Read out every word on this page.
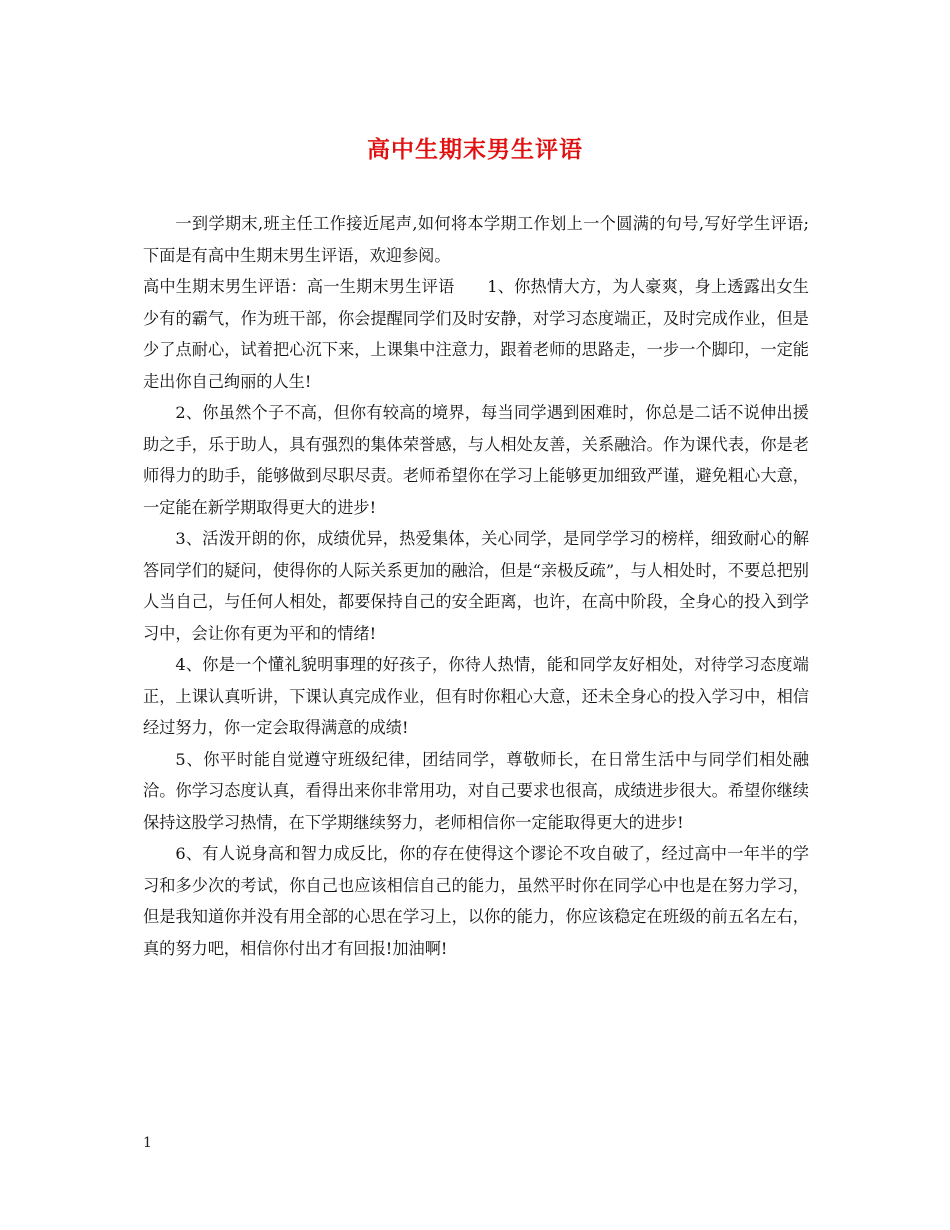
高中生期末男生评语

一到学期末,班主任工作接近尾声,如何将本学期工作划上一个圆满的句号,写好学生评语;下面是有高中生期末男生评语，欢迎参阅。

高中生期末男生评语：高一生期末男生评语　　1、你热情大方，为人豪爽，身上透露出女生少有的霸气，作为班干部，你会提醒同学们及时安静，对学习态度端正，及时完成作业，但是少了点耐心，试着把心沉下来，上课集中注意力，跟着老师的思路走，一步一个脚印，一定能走出你自己绚丽的人生!

2、你虽然个子不高，但你有较高的境界，每当同学遇到困难时，你总是二话不说伸出援助之手，乐于助人，具有强烈的集体荣誉感，与人相处友善，关系融洽。作为课代表，你是老师得力的助手，能够做到尽职尽责。老师希望你在学习上能够更加细致严谨，避免粗心大意，一定能在新学期取得更大的进步!

3、活泼开朗的你，成绩优异，热爱集体，关心同学，是同学学习的榜样，细致耐心的解答同学们的疑问，使得你的人际关系更加的融洽，但是“亲极反疏”，与人相处时，不要总把别人当自己，与任何人相处，都要保持自己的安全距离，也许，在高中阶段，全身心的投入到学习中，会让你有更为平和的情绪!

4、你是一个懂礼貌明事理的好孩子，你待人热情，能和同学友好相处，对待学习态度端正，上课认真听讲，下课认真完成作业，但有时你粗心大意，还未全身心的投入学习中，相信经过努力，你一定会取得满意的成绩!

5、你平时能自觉遵守班级纪律，团结同学，尊敬师长，在日常生活中与同学们相处融洽。你学习态度认真，看得出来你非常用功，对自己要求也很高，成绩进步很大。希望你继续保持这股学习热情，在下学期继续努力，老师相信你一定能取得更大的进步!

6、有人说身高和智力成反比，你的存在使得这个谬论不攻自破了，经过高中一年半的学习和多少次的考试，你自己也应该相信自己的能力，虽然平时你在同学心中也是在努力学习，但是我知道你并没有用全部的心思在学习上，以你的能力，你应该稳定在班级的前五名左右，真的努力吧，相信你付出才有回报!加油啊!

1
